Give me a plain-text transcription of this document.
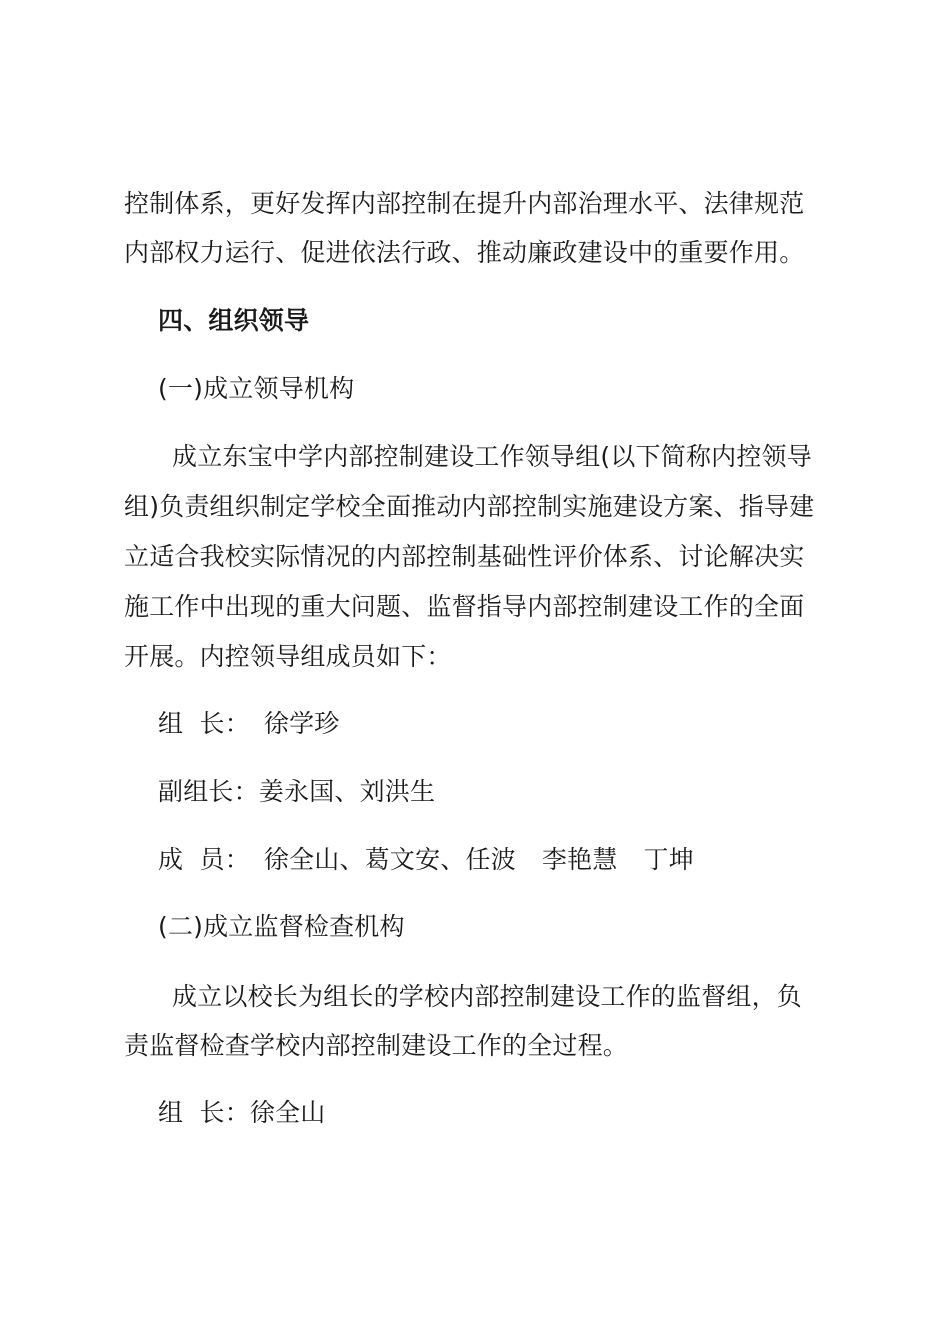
控制体系，更好发挥内部控制在提升内部治理水平、法律规范
内部权力运行、促进依法行政、推动廉政建设中的重要作用。
四、组织领导
(一)成立领导机构
成立东宝中学内部控制建设工作领导组(以下简称内控领导
组)负责组织制定学校全面推动内部控制实施建设方案、指导建
立适合我校实际情况的内部控制基础性评价体系、讨论解决实
施工作中出现的重大问题、监督指导内部控制建设工作的全面
开展。内控领导组成员如下：
组  长： 徐学珍
副组长：姜永国、刘洪生
成  员： 徐全山、葛文安、任波 李艳慧 丁坤
(二)成立监督检查机构
成立以校长为组长的学校内部控制建设工作的监督组，负
责监督检查学校内部控制建设工作的全过程。
组  长：徐全山
